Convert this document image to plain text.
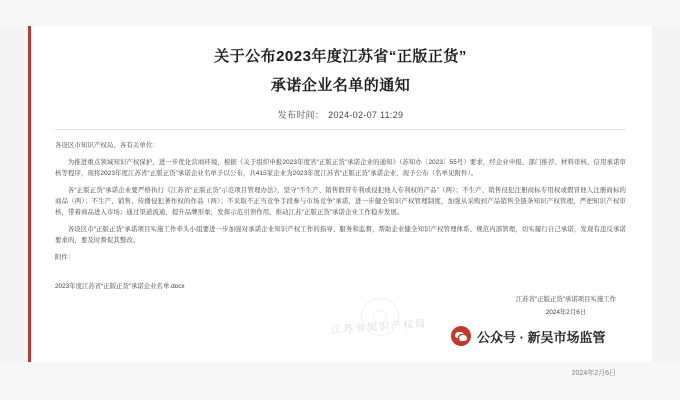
关于公布2023年度江苏省“正版正货”
承诺企业名单的通知
发布时间： 2024-02-07 11:29

各设区市知识产权局、各有关单位：

为推进重点领域知识产权保护，进一步优化营商环境，根据《关于组织申报2023年度省“正版正货”承诺企业的通知》（苏知办〔2023〕55号）要求，经企业申报、部门推荐、材料审核、信用承诺审核等程序，现将2023年度江苏省“正版正货”承诺企业名单予以公布，共415家企业为2023年度江苏省“正版正货”承诺企业，现予公布（名单见附件）。

各“正版正货”承诺企业要严格执行《江苏省“正版正货”示范项目管理办法》，坚守“不生产、销售假冒专利或侵犯他人专利权的产品”（两）；不生产、销售侵犯注册商标专用权或假冒他人注册商标的商品（两）；不生产、销售、传播侵犯著作权的作品（两）；不采取不正当竞争手段参与市场竞争”承诺，进一步健全知识产权管理制度，加强从采购到产品销售全链条知识产权管理，严把知识产权审核，带着商品进入市场；通过渠道流通、提升品牌形象，发挥示范引领作用，推动江苏“正版正货”承诺企业工作稳步发展。

各设区市“正版正货”承诺项目实施工作牵头小组要进一步加强对承诺企业知识产权工作的指导、服务和监督，帮助企业健全知识产权管理体系、规范内部管理，切实履行自己承诺，发现有违反承诺要求的，要及时督促其整改。

附件：
2023年度江苏省“正版正货”承诺企业名单.docx
江苏省“正版正货”承诺项目实施工作
2024年2月6日
江苏省知识产权局
公众号 · 新吴市场监管
2024年2月6日
